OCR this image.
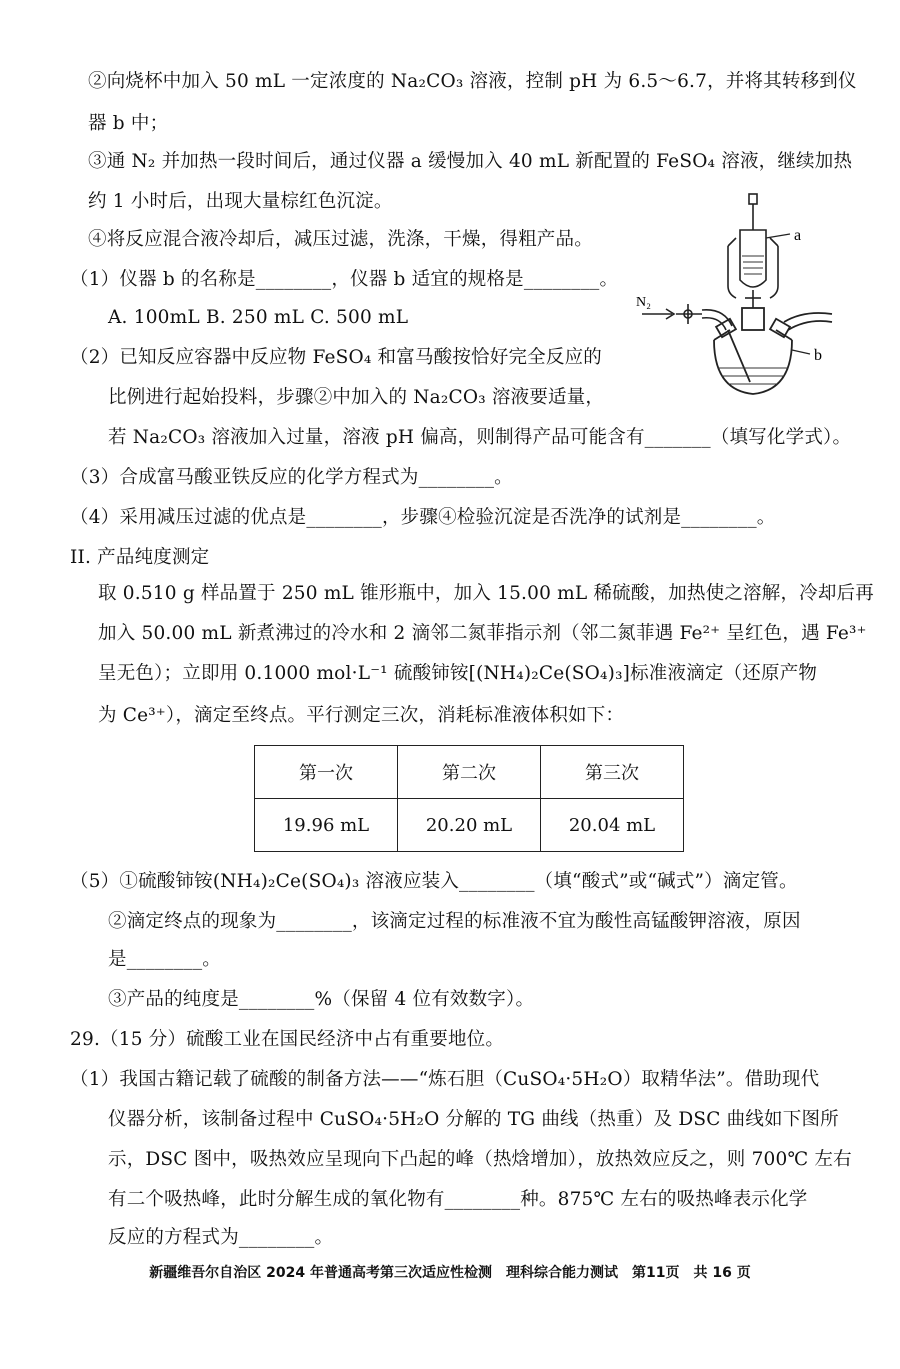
②向烧杯中加入 50 mL 一定浓度的 Na₂CO₃ 溶液，控制 pH 为 6.5～6.7，并将其转移到仪
器 b 中；
③通 N₂ 并加热一段时间后，通过仪器 a 缓慢加入 40 mL 新配置的 FeSO₄ 溶液，继续加热
约 1 小时后，出现大量棕红色沉淀。
④将反应混合液冷却后，减压过滤，洗涤，干燥，得粗产品。
（1）仪器 b 的名称是________，仪器 b 适宜的规格是________。
A. 100mL B. 250 mL C. 500 mL
（2）已知反应容器中反应物 FeSO₄ 和富马酸按恰好完全反应的
比例进行起始投料，步骤②中加入的 Na₂CO₃ 溶液要适量，
若 Na₂CO₃ 溶液加入过量，溶液 pH 偏高，则制得产品可能含有_______（填写化学式）。
（3）合成富马酸亚铁反应的化学方程式为________。
（4）采用减压过滤的优点是________，步骤④检验沉淀是否洗净的试剂是________。
II. 产品纯度测定
取 0.510 g 样品置于 250 mL 锥形瓶中，加入 15.00 mL 稀硫酸，加热使之溶解，冷却后再
加入 50.00 mL 新煮沸过的冷水和 2 滴邻二氮菲指示剂（邻二氮菲遇 Fe²⁺ 呈红色，遇 Fe³⁺
呈无色）；立即用 0.1000 mol·L⁻¹ 硫酸铈铵[(NH₄)₂Ce(SO₄)₃]标准液滴定（还原产物
为 Ce³⁺），滴定至终点。平行测定三次，消耗标准液体积如下：
（5）①硫酸铈铵(NH₄)₂Ce(SO₄)₃ 溶液应装入________（填“酸式”或“碱式”）滴定管。
②滴定终点的现象为________，该滴定过程的标准液不宜为酸性高锰酸钾溶液，原因
是________。
③产品的纯度是________%（保留 4 位有效数字）。
29.（15 分）硫酸工业在国民经济中占有重要地位。
（1）我国古籍记载了硫酸的制备方法——“炼石胆（CuSO₄·5H₂O）取精华法”。借助现代
仪器分析，该制备过程中 CuSO₄·5H₂O 分解的 TG 曲线（热重）及 DSC 曲线如下图所
示，DSC 图中，吸热效应呈现向下凸起的峰（热焓增加），放热效应反之，则 700℃ 左右
有二个吸热峰，此时分解生成的氧化物有________种。875℃ 左右的吸热峰表示化学
反应的方程式为________。
第一次	第二次	第三次
19.96 mL	20.20 mL	20.04 mL
a
N₂
b
新疆维吾尔自治区 2024 年普通高考第三次适应性检测　理科综合能力测试　第11页　共 16 页
